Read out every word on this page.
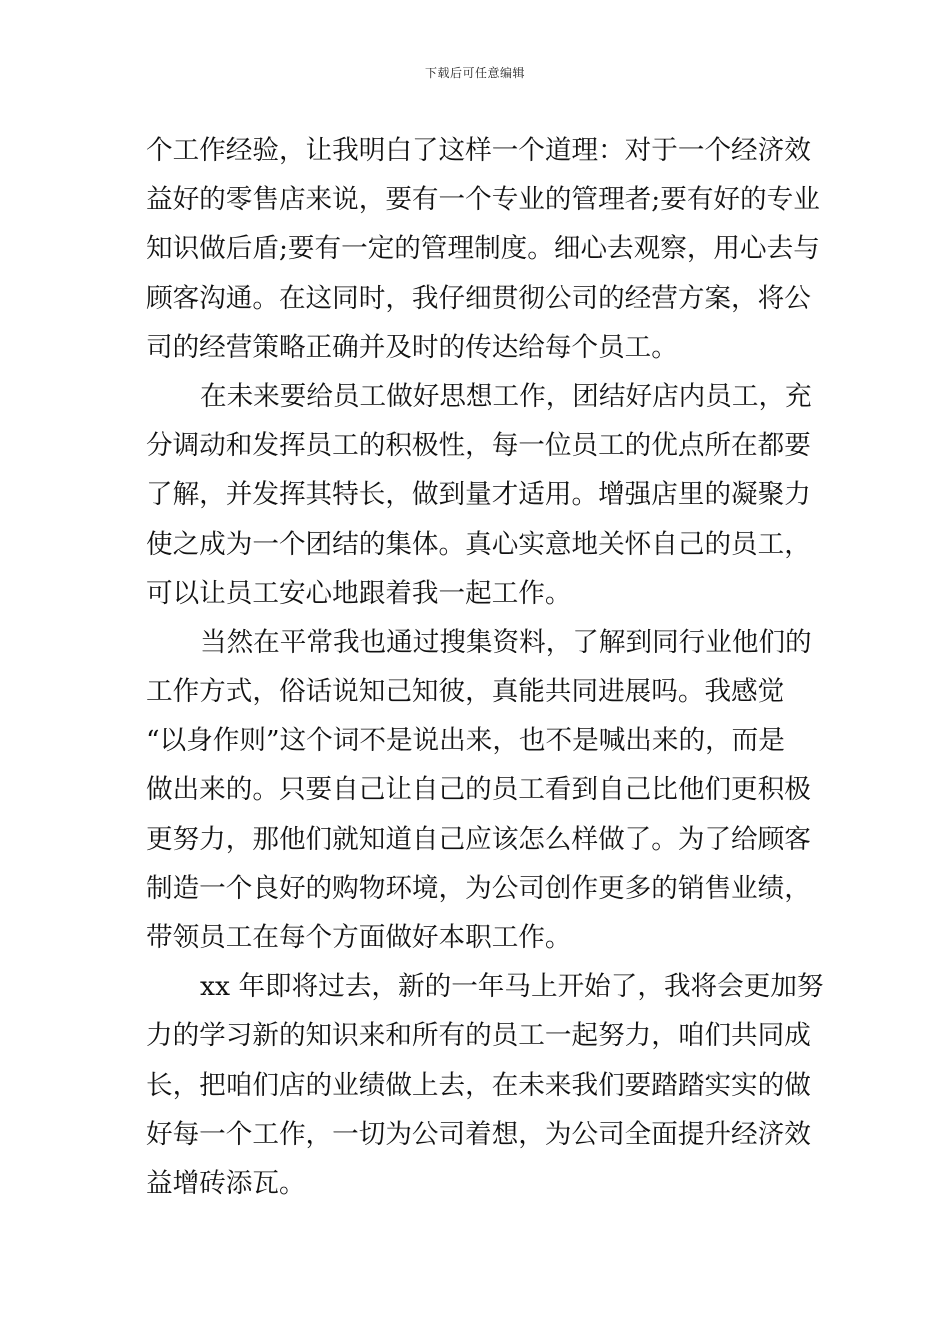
下载后可任意编辑
个工作经验，让我明白了这样一个道理：对于一个经济效
益好的零售店来说，要有一个专业的管理者;要有好的专业
知识做后盾;要有一定的管理制度。细心去观察，用心去与
顾客沟通。在这同时，我仔细贯彻公司的经营方案，将公
司的经营策略正确并及时的传达给每个员工。
在未来要给员工做好思想工作，团结好店内员工，充
分调动和发挥员工的积极性，每一位员工的优点所在都要
了解，并发挥其特长，做到量才适用。增强店里的凝聚力
使之成为一个团结的集体。真心实意地关怀自己的员工，
可以让员工安心地跟着我一起工作。
当然在平常我也通过搜集资料，了解到同行业他们的
工作方式，俗话说知己知彼，真能共同进展吗。我感觉
“以身作则”这个词不是说出来，也不是喊出来的，而是
做出来的。只要自己让自己的员工看到自己比他们更积极
更努力，那他们就知道自己应该怎么样做了。为了给顾客
制造一个良好的购物环境，为公司创作更多的销售业绩，
带领员工在每个方面做好本职工作。
xx 年即将过去，新的一年马上开始了，我将会更加努
力的学习新的知识来和所有的员工一起努力，咱们共同成
长，把咱们店的业绩做上去，在未来我们要踏踏实实的做
好每一个工作，一切为公司着想，为公司全面提升经济效
益增砖添瓦。
